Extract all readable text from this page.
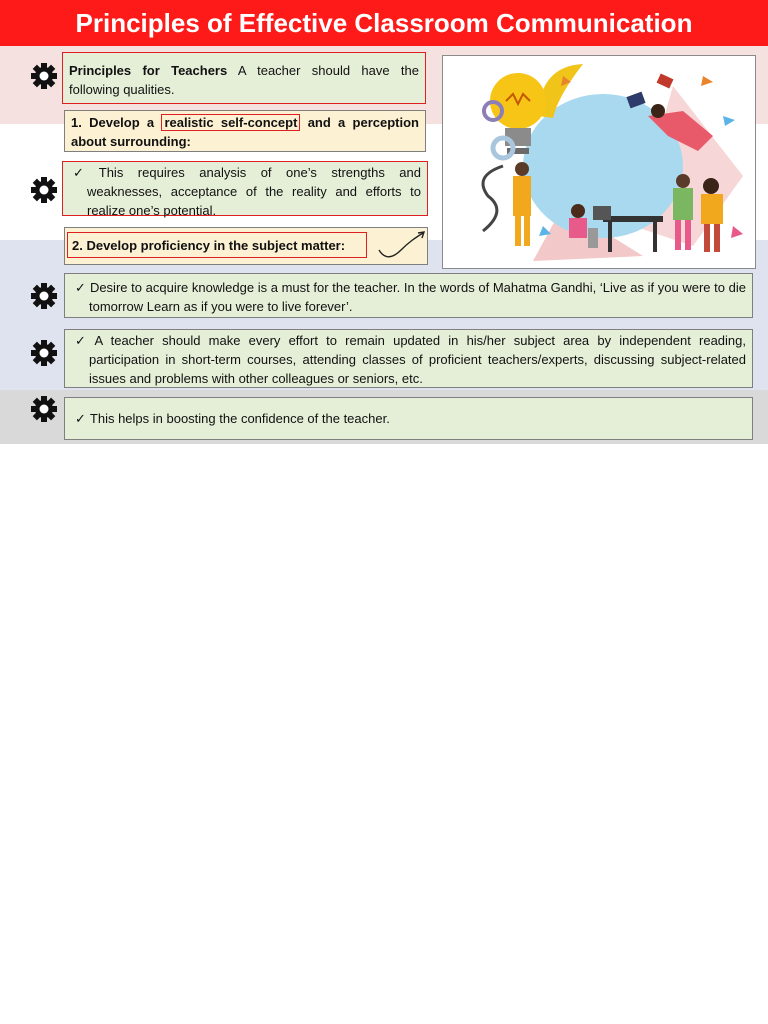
Principles of Effective Classroom Communication
Principles for Teachers A teacher should have the following qualities.
1. Develop a realistic self-concept and a perception about surrounding:
✓ This requires analysis of one’s strengths and weaknesses, acceptance of the reality and efforts to realize one’s potential.
2. Develop proficiency in the subject matter:
✓ Desire to acquire knowledge is a must for the teacher. In the words of Mahatma Gandhi, ‘Live as if you were to die tomorrow Learn as if you were to live forever’.
✓ A teacher should make every effort to remain updated in his/her subject area by independent reading, participation in short-term courses, attending classes of proficient teachers/experts, discussing subject-related issues and problems with other colleagues or seniors, etc.
✓ This helps in boosting the confidence of the teacher.
